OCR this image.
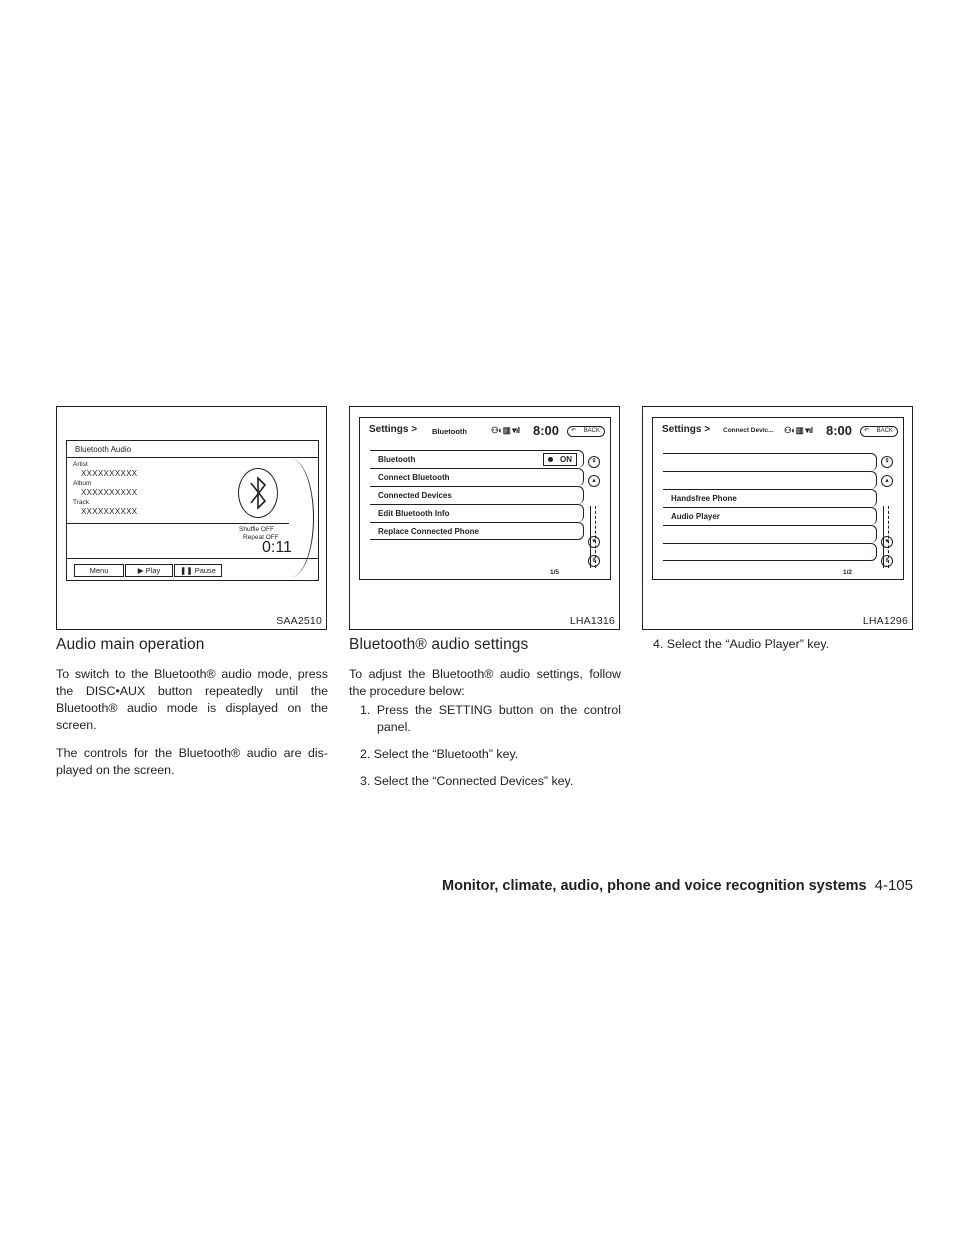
Bluetooth Audio
Artist
XXXXXXXXXX
Album
XXXXXXXXXX
Track
XXXXXXXXXX
Shuffle OFF
Repeat OFF
0:11
Menu	▶ Play	❚❚ Pause
SAA2510
Settings > Bluetooth	⚇◐▥ ▾ıl 8:00 ↶ BACK
Bluetooth	ON
Connect Bluetooth
Connected Devices
Edit Bluetooth Info
Replace Connected Phone
⇞
▴
▾
⇟
1/5
LHA1316
Settings > Connect Devic... ⚇◐▥ ▾ıl 8:00 ↶ BACK
Handsfree Phone
Audio Player
⇞
▴
▾
⇟
1/2
LHA1296
Audio main operation

To switch to the Bluetooth® audio mode, press the DISC•AUX button repeatedly until the Bluetooth® audio mode is displayed on the screen.

The controls for the Bluetooth® audio are dis-played on the screen.

Bluetooth® audio settings

To adjust the Bluetooth® audio settings, follow the procedure below:

1. Press the SETTING button on the control panel.
2. Select the “Bluetooth” key.
3. Select the “Connected Devices” key.
4. Select the “Audio Player” key.
Monitor, climate, audio, phone and voice recognition systems 4-105
